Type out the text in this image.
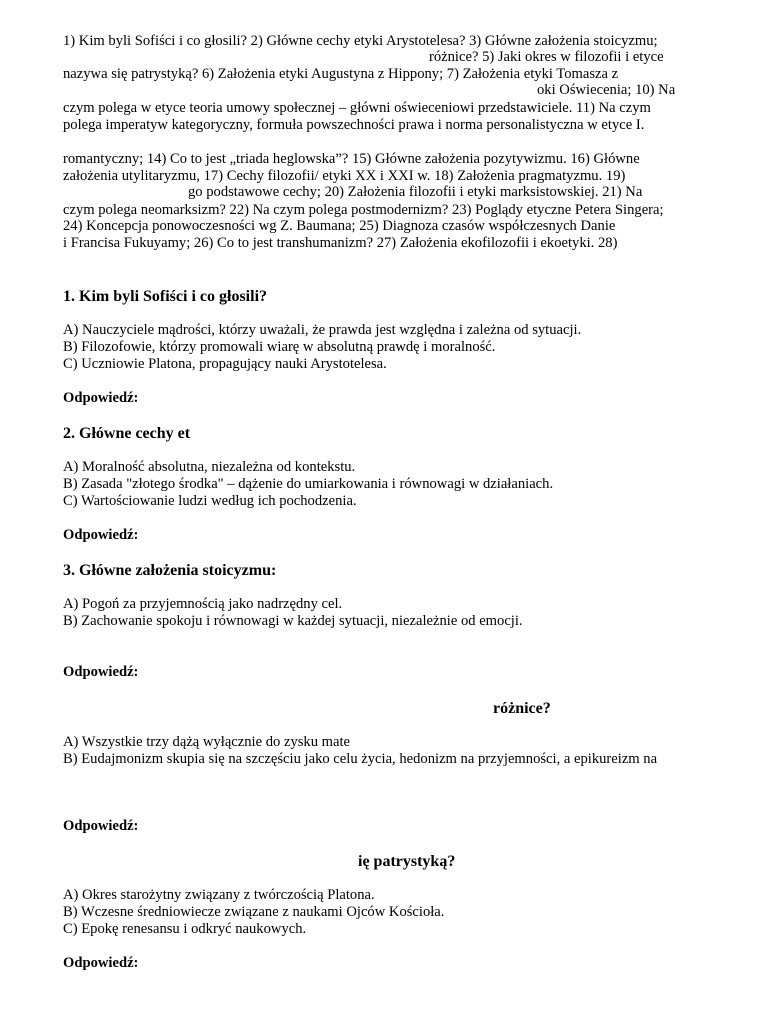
1) Kim byli Sofiści i co głosili? 2) Główne cechy etyki Arystotelesa? 3) Główne założenia stoicyzmu;
różnice? 5) Jaki okres w filozofii i etyce
nazywa się patrystyką? 6) Założenia etyki Augustyna z Hippony; 7) Założenia etyki Tomasza z
oki Oświecenia; 10) Na
czym polega w etyce teoria umowy społecznej – główni oświeceniowi przedstawiciele. 11) Na czym
polega imperatyw kategoryczny, formuła powszechności prawa i norma personalistyczna w etyce I.
romantyczny; 14) Co to jest „triada heglowska”? 15) Główne założenia pozytywizmu. 16) Główne
założenia utylitaryzmu, 17) Cechy filozofii/ etyki XX i XXI w. 18) Założenia pragmatyzmu. 19)
go podstawowe cechy; 20) Założenia filozofii i etyki marksistowskiej. 21) Na
czym polega neomarksizm? 22) Na czym polega postmodernizm? 23) Poglądy etyczne Petera Singera;
24) Koncepcja ponowoczesności wg Z. Baumana; 25) Diagnoza czasów współczesnych Danie
i Francisa Fukuyamy; 26) Co to jest transhumanizm? 27) Założenia ekofilozofii i ekoetyki. 28)
1. Kim byli Sofiści i co głosili?
A) Nauczyciele mądrości, którzy uważali, że prawda jest względna i zależna od sytuacji.
B) Filozofowie, którzy promowali wiarę w absolutną prawdę i moralność.
C) Uczniowie Platona, propagujący nauki Arystotelesa.
Odpowiedź:
2. Główne cechy et
A) Moralność absolutna, niezależna od kontekstu.
B) Zasada "złotego środka" – dążenie do umiarkowania i równowagi w działaniach.
C) Wartościowanie ludzi według ich pochodzenia.
Odpowiedź:
3. Główne założenia stoicyzmu:
A) Pogoń za przyjemnością jako nadrzędny cel.
B) Zachowanie spokoju i równowagi w każdej sytuacji, niezależnie od emocji.
Odpowiedź:
różnice?
A) Wszystkie trzy dążą wyłącznie do zysku mate
B) Eudajmonizm skupia się na szczęściu jako celu życia, hedonizm na przyjemności, a epikureizm na
Odpowiedź:
ię patrystyką?
A) Okres starożytny związany z twórczością Platona.
B) Wczesne średniowiecze związane z naukami Ojców Kościoła.
C) Epokę renesansu i odkryć naukowych.
Odpowiedź:
